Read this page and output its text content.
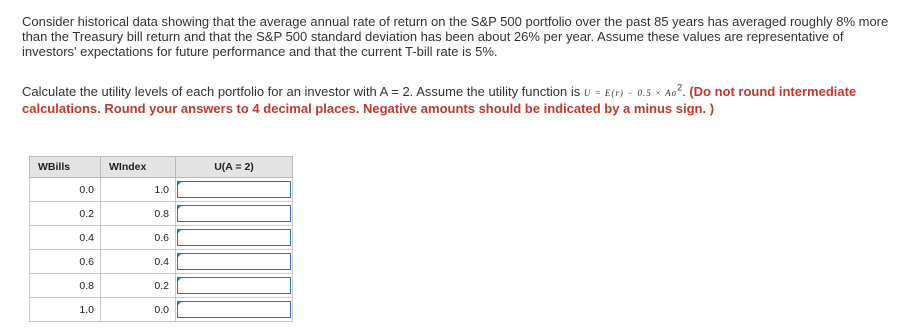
Consider historical data showing that the average annual rate of return on the S&P 500 portfolio over the past 85 years has averaged roughly 8% more than the Treasury bill return and that the S&P 500 standard deviation has been about 26% per year. Assume these values are representative of investors' expectations for future performance and that the current T-bill rate is 5%.
Calculate the utility levels of each portfolio for an investor with A = 2. Assume the utility function is $U = E(r) - 0.5 \times A\sigma^2$. (Do not round intermediate calculations. Round your answers to 4 decimal places. Negative amounts should be indicated by a minus sign. )
WBills	WIndex	U(A = 2)
0.0	1.0	

0.2	0.8	

0.4	0.6	

0.6	0.4	

0.8	0.2	

1.0	0.0	
